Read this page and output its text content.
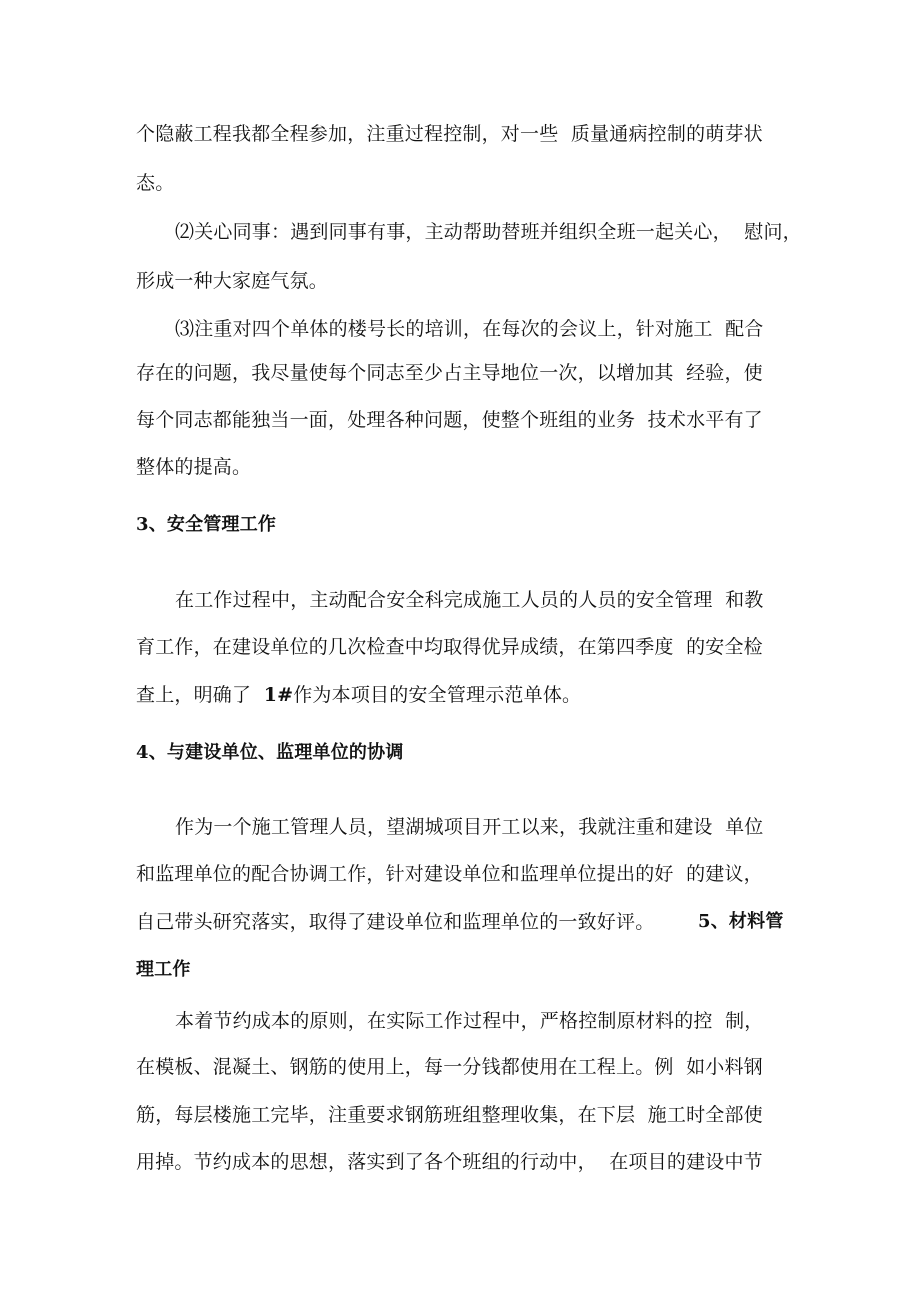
个隐蔽工程我都全程参加，注重过程控制，对一些  质量通病控制的萌芽状
态。
⑵关心同事：遇到同事有事，主动帮助替班并组织全班一起关心，  慰问，
形成一种大家庭气氛。
⑶注重对四个单体的楼号长的培训，在每次的会议上，针对施工  配合
存在的问题，我尽量使每个同志至少占主导地位一次，以增加其  经验，使
每个同志都能独当一面，处理各种问题，使整个班组的业务  技术水平有了
整体的提高。
3、安全管理工作
在工作过程中，主动配合安全科完成施工人员的人员的安全管理  和教
育工作，在建设单位的几次检查中均取得优异成绩，在第四季度  的安全检
查上，明确了  1#作为本项目的安全管理示范单体。
4、与建设单位、监理单位的协调
作为一个施工管理人员，望湖城项目开工以来，我就注重和建设  单位
和监理单位的配合协调工作，针对建设单位和监理单位提出的好  的建议，
自己带头研究落实，取得了建设单位和监理单位的一致好评。	5、材料管
理工作
本着节约成本的原则，在实际工作过程中，严格控制原材料的控  制，
在模板、混凝土、钢筋的使用上，每一分钱都使用在工程上。例  如小料钢
筋，每层楼施工完毕，注重要求钢筋班组整理收集，在下层  施工时全部使
用掉。节约成本的思想，落实到了各个班组的行动中，  在项目的建设中节
